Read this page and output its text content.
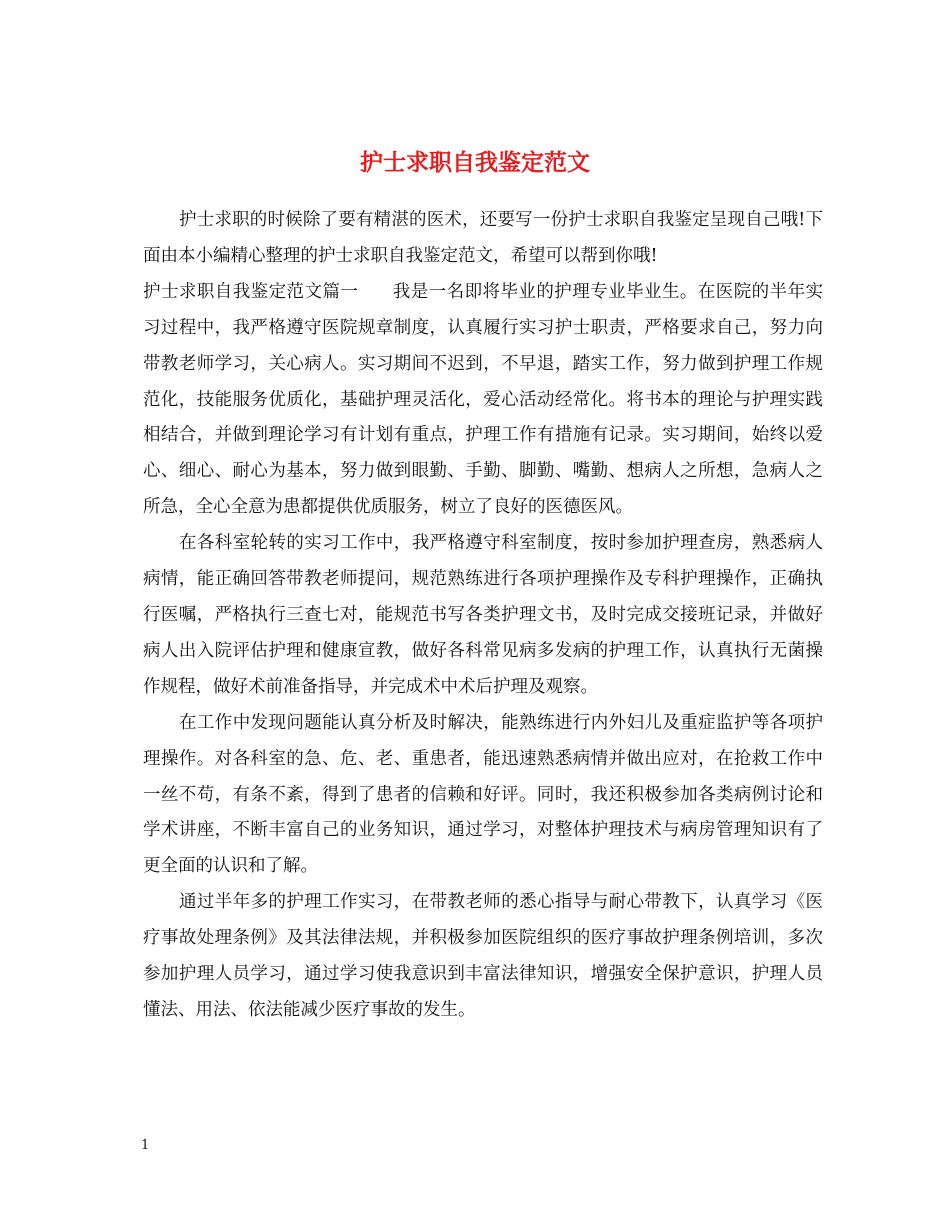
护士求职自我鉴定范文

护士求职的时候除了要有精湛的医术，还要写一份护士求职自我鉴定呈现自己哦!下面由本小编精心整理的护士求职自我鉴定范文，希望可以帮到你哦!

护士求职自我鉴定范文篇一 我是一名即将毕业的护理专业毕业生。在医院的半年实习过程中，我严格遵守医院规章制度，认真履行实习护士职责，严格要求自己，努力向带教老师学习，关心病人。实习期间不迟到，不早退，踏实工作，努力做到护理工作规范化，技能服务优质化，基础护理灵活化，爱心活动经常化。将书本的理论与护理实践相结合，并做到理论学习有计划有重点，护理工作有措施有记录。实习期间，始终以爱心、细心、耐心为基本，努力做到眼勤、手勤、脚勤、嘴勤、想病人之所想，急病人之所急，全心全意为患都提供优质服务，树立了良好的医德医风。

在各科室轮转的实习工作中，我严格遵守科室制度，按时参加护理查房，熟悉病人病情，能正确回答带教老师提问，规范熟练进行各项护理操作及专科护理操作，正确执行医嘱，严格执行三查七对，能规范书写各类护理文书，及时完成交接班记录，并做好病人出入院评估护理和健康宣教，做好各科常见病多发病的护理工作，认真执行无菌操作规程，做好术前准备指导，并完成术中术后护理及观察。

在工作中发现问题能认真分析及时解决，能熟练进行内外妇儿及重症监护等各项护理操作。对各科室的急、危、老、重患者，能迅速熟悉病情并做出应对，在抢救工作中一丝不苟，有条不紊，得到了患者的信赖和好评。同时，我还积极参加各类病例讨论和学术讲座，不断丰富自己的业务知识，通过学习，对整体护理技术与病房管理知识有了更全面的认识和了解。

通过半年多的护理工作实习，在带教老师的悉心指导与耐心带教下，认真学习《医疗事故处理条例》及其法律法规，并积极参加医院组织的医疗事故护理条例培训，多次参加护理人员学习，通过学习使我意识到丰富法律知识，增强安全保护意识，护理人员懂法、用法、依法能减少医疗事故的发生。

1
